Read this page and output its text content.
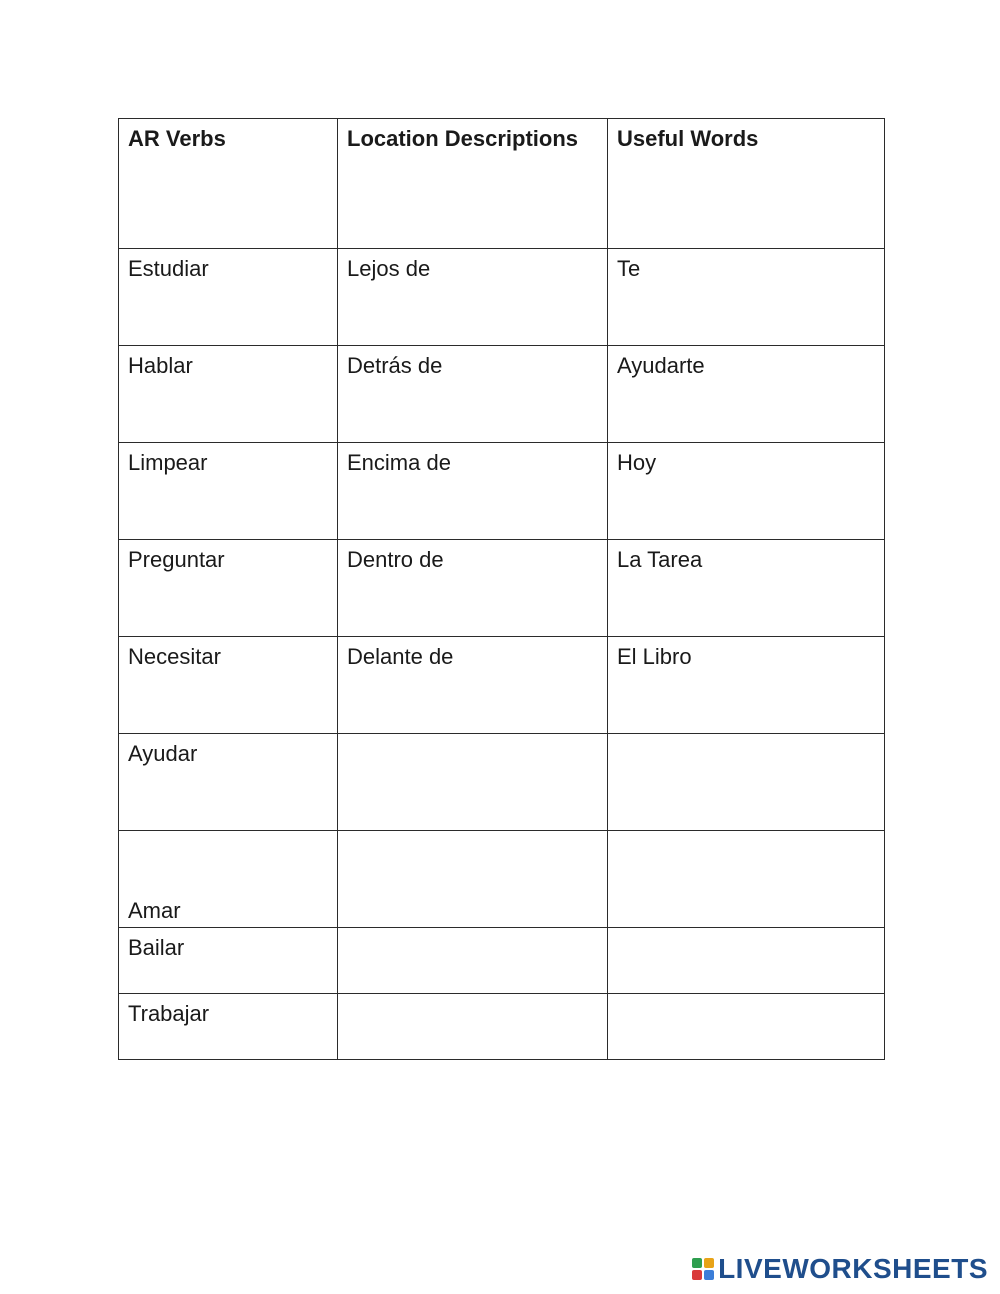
AR Verbs	Location Descriptions	Useful Words
Estudiar	Lejos de	Te
Hablar	Detrás de	Ayudarte
Limpear	Encima de	Hoy
Preguntar	Dentro de	La Tarea
Necesitar	Delante de	El Libro
Ayudar		
Amar		
Bailar		
Trabajar		
LIVEWORKSHEETS
